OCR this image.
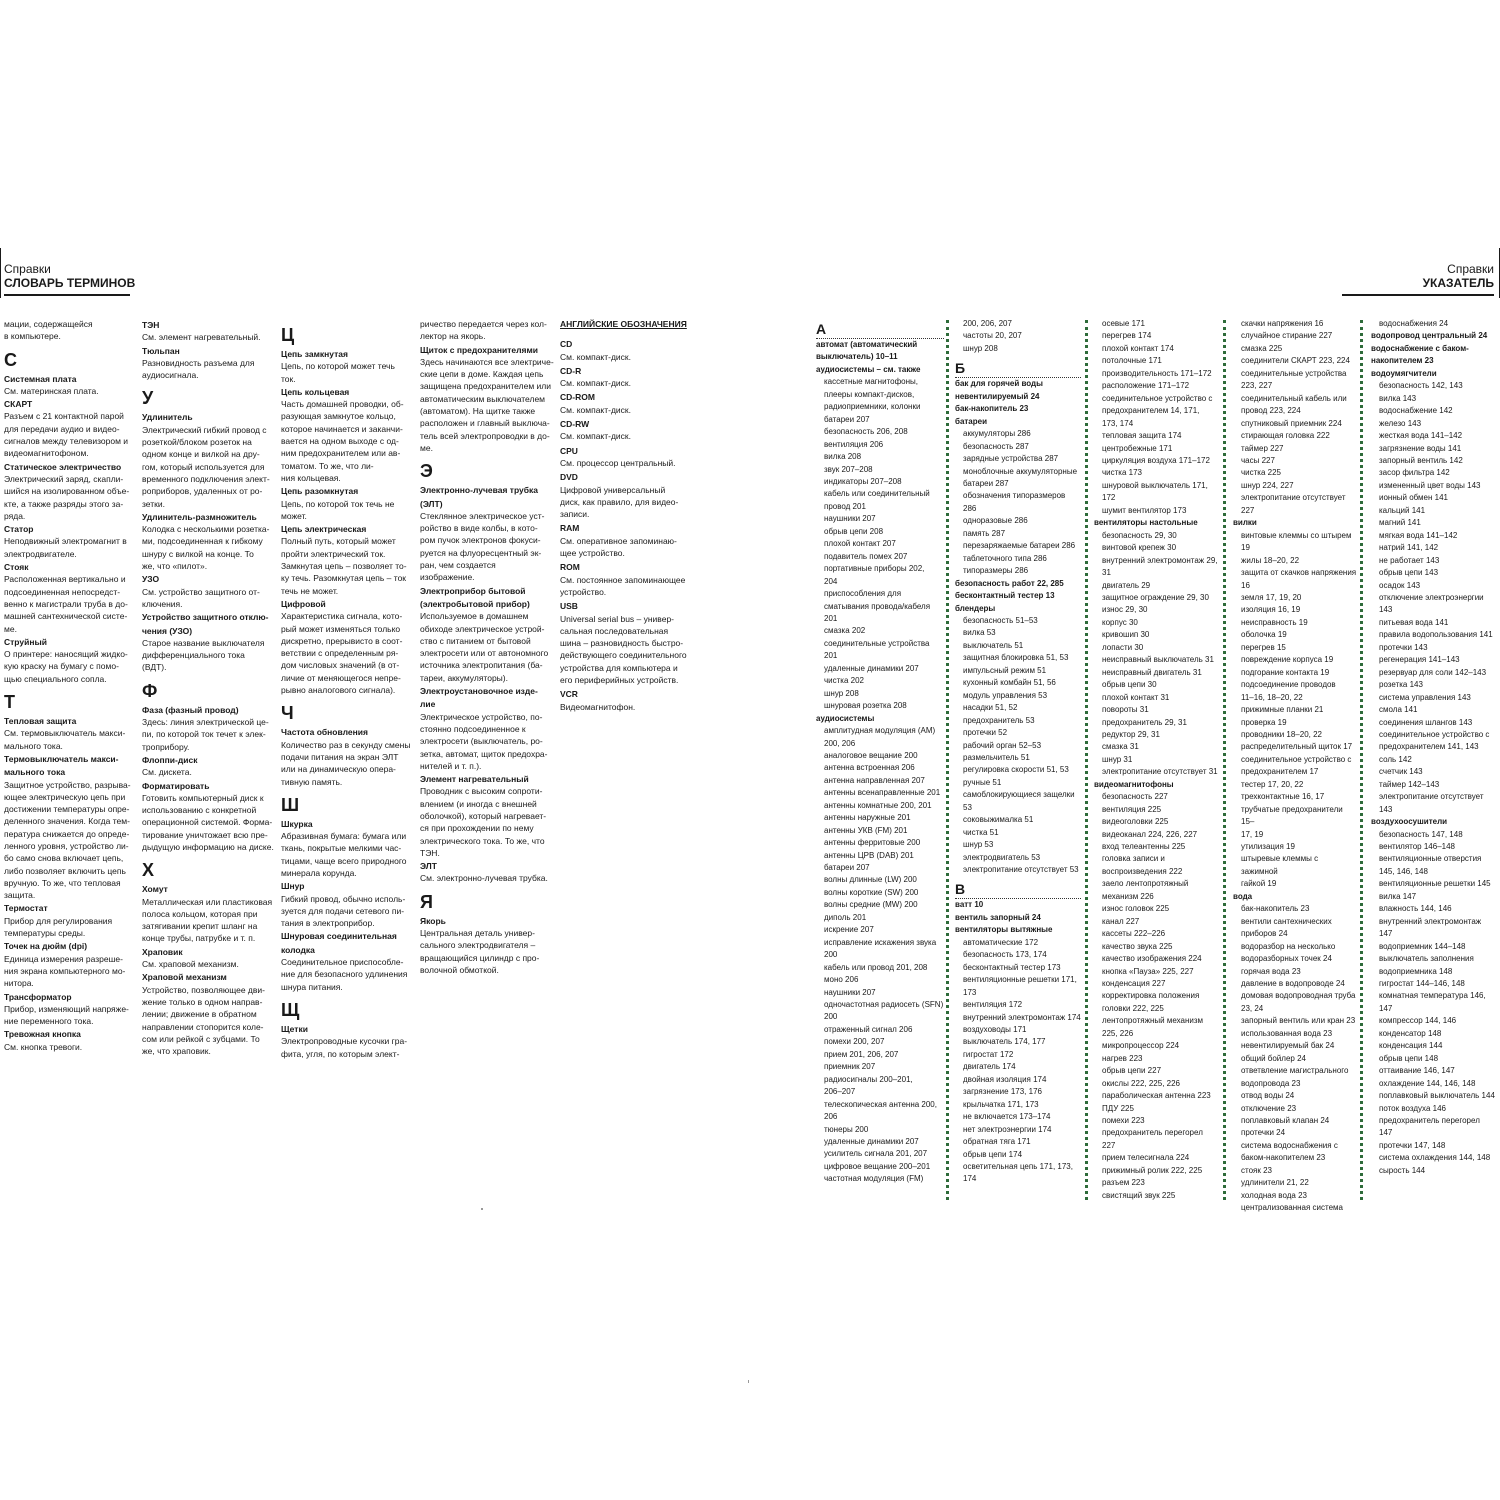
Справки
СЛОВАРЬ ТЕРМИНОВ
Справки
УКАЗАТЕЛЬ
мации, содержащейся
в компьютере.
С
Системная плата
См. материнская плата.
СКАРТ
Разъем с 21 контактной парой
для передачи аудио и видео-
сигналов между телевизором и
видеомагнитофоном.
Статическое электричество
Электрический заряд, скапли-
шийся на изолированном объе-
кте, а также разряды этого за-
ряда.
Статор
Неподвижный электромагнит в
электродвигателе.
Стояк
Расположенная вертикально и
подсоединенная непосредст-
венно к магистрали труба в до-
машней сантехнической систе-
ме.
Струйный
О принтере: наносящий жидко-
кую краску на бумагу с помо-
щью специального сопла.
Т
Тепловая защита
См. термовыключатель макси-
мального тока.
Термовыключатель макси-
мального тока
Защитное устройство, разрыва-
ющее электрическую цепь при
достижении температуры опре-
деленного значения. Когда тем-
пература снижается до опреде-
ленного уровня, устройство ли-
бо само снова включает цепь,
либо позволяет включить цепь
вручную. То же, что тепловая
защита.
Термостат
Прибор для регулирования
температуры среды.
Точек на дюйм (dpi)
Единица измерения разреше-
ния экрана компьютерного мо-
нитора.
Трансформатор
Прибор, изменяющий напряже-
ние переменного тока.
Тревожная кнопка
См. кнопка тревоги.
ТЭН
См. элемент нагревательный.
Тюльпан
Разновидность разъема для
аудиосигнала.
У
Удлинитель
Электрический гибкий провод с
розеткой/блоком розеток на
одном конце и вилкой на дру-
гом, который используется для
временного подключения элект-
роприборов, удаленных от ро-
зетки.
Удлинитель-размножитель
Колодка с несколькими розетка-
ми, подсоединенная к гибкому
шнуру с вилкой на конце. То
же, что «пилот».
УЗО
См. устройство защитного от-
ключения.
Устройство защитного отклю-
чения (УЗО)
Старое название выключателя
дифференциального тока
(ВДТ).
Ф
Фаза (фазный провод)
Здесь: линия электрической це-
пи, по которой ток течет к элек-
троприбору.
Флоппи-диск
См. дискета.
Форматировать
Готовить компьютерный диск к
использованию с конкретной
операционной системой. Форма-
тирование уничтожает всю пре-
дыдущую информацию на диске.
Х
Хомут
Металлическая или пластиковая
полоса кольцом, которая при
затягивании крепит шланг на
конце трубы, патрубке и т. п.
Храповик
См. храповой механизм.
Храповой механизм
Устройство, позволяющее дви-
жение только в одном направ-
лении; движение в обратном
направлении стопорится коле-
сом или рейкой с зубцами. То
же, что храповик.
Ц
Цепь замкнутая
Цепь, по которой может течь
ток.
Цепь кольцевая
Часть домашней проводки, об-
разующая замкнутое кольцо,
которое начинается и заканчи-
вается на одном выходе с од-
ним предохранителем или ав-
томатом. То же, что ли-
ния кольцевая.
Цепь разомкнутая
Цепь, по которой ток течь не
может.
Цепь электрическая
Полный путь, который может
пройти электрический ток.
Замкнутая цепь – позволяет то-
ку течь. Разомкнутая цепь – ток
течь не может.
Цифровой
Характеристика сигнала, кото-
рый может изменяться только
дискретно, прерывисто в соот-
ветствии с определенным ря-
дом числовых значений (в от-
личие от меняющегося непре-
рывно аналогового сигнала).
Ч
Частота обновления
Количество раз в секунду смены
подачи питания на экран ЭЛТ
или на динамическую опера-
тивную память.
Ш
Шкурка
Абразивная бумага: бумага или
ткань, покрытые мелкими час-
тицами, чаще всего природного
минерала корунда.
Шнур
Гибкий провод, обычно исполь-
зуется для подачи сетевого пи-
тания в электроприбор.
Шнуровая соединительная
колодка
Соединительное приспособле-
ние для безопасного удлинения
шнура питания.
Щ
Щетки
Электропроводные кусочки гра-
фита, угля, по которым элект-
ричество передается через кол-
лектор на якорь.
Щиток с предохранителями
Здесь начинаются все электриче-
ские цепи в доме. Каждая цепь
защищена предохранителем или
автоматическим выключателем
(автоматом). На щитке также
расположен и главный выключа-
тель всей электропроводки в до-
ме.
Э
Электронно-лучевая трубка
(ЭЛТ)
Стеклянное электрическое уст-
ройство в виде колбы, в кото-
ром пучок электронов фокуси-
руется на флуоресцентный эк-
ран, чем создается
изображение.
Электроприбор бытовой
(электробытовой прибор)
Используемое в домашнем
обиходе электрическое устрой-
ство с питанием от бытовой
электросети или от автономного
источника электропитания (ба-
тареи, аккумуляторы).
Электроустановочное изде-
лие
Электрическое устройство, по-
стоянно подсоединенное к
электросети (выключатель, ро-
зетка, автомат, щиток предохра-
нителей и т. п.).
Элемент нагревательный
Проводник с высоким сопроти-
влением (и иногда с внешней
оболочкой), который нагревает-
ся при прохождении по нему
электрического тока. То же, что
ТЭН.
ЭЛТ
См. электронно-лучевая трубка.
Я
Якорь
Центральная деталь универ-
сального электродвигателя –
вращающийся цилиндр с про-
волочной обмоткой.
АНГЛИЙСКИЕ ОБОЗНАЧЕНИЯ
CD
См. компакт-диск.
CD-R
См. компакт-диск.
CD-ROM
См. компакт-диск.
CD-RW
См. компакт-диск.
CPU
См. процессор центральный.
DVD
Цифровой универсальный
диск, как правило, для видео-
записи.
RAM
См. оперативное запоминаю-
щее устройство.
ROM
См. постоянное запоминающее
устройство.
USB
Universal serial bus – универ-
сальная последовательная
шина – разновидность быстро-
действующего соединительного
устройства для компьютера и
его периферийных устройств.
VCR
Видеомагнитофон.
А
автомат (автоматический
выключатель) 10–11
аудиосистемы – см. также
кассетные магнитофоны,
плееры компакт-дисков,
радиоприемники, колонки
батареи 207
безопасность 206, 208
вентиляция 206
вилка 208
звук 207–208
индикаторы 207–208
кабель или соединительный
провод 201
наушники 207
обрыв цепи 208
плохой контакт 207
подавитель помех 207
портативные приборы 202,
204
приспособления для
сматывания провода/кабеля
201
смазка 202
соединительные устройства
201
удаленные динамики 207
чистка 202
шнур 208
шнуровая розетка 208
аудиосистемы
амплитудная модуляция (AM)
200, 206
аналоговое вещание 200
антенна встроенная 206
антенна направленная 207
антенны всенаправленные 201
антенны комнатные 200, 201
антенны наружные 201
антенны УКВ (FM) 201
антенны ферритовые 200
антенны ЦРВ (DAB) 201
батареи 207
волны длинные (LW) 200
волны короткие (SW) 200
волны средние (MW) 200
диполь 201
искрение 207
исправление искажения звука
200
кабель или провод 201, 208
моно 206
наушники 207
одночастотная радиосеть (SFN)
200
отраженный сигнал 206
помехи 200, 207
прием 201, 206, 207
приемник 207
радиосигналы 200–201,
206–207
телескопическая антенна 200,
206
тюнеры 200
удаленные динамики 207
усилитель сигнала 201, 207
цифровое вещание 200–201
частотная модуляция (FM)
200, 206, 207
частоты 20, 207
шнур 208
Б
бак для горячей воды
невентилируемый 24
бак-накопитель 23
батареи
аккумуляторы 286
безопасность 287
зарядные устройства 287
моноблочные аккумуляторные
батареи 287
обозначения типоразмеров
286
одноразовые 286
память 287
перезаряжаемые батареи 286
таблеточного типа 286
типоразмеры 286
безопасность работ 22, 285
бесконтактный тестер 13
блендеры
безопасность 51–53
вилка 53
выключатель 51
защитная блокировка 51, 53
импульсный режим 51
кухонный комбайн 51, 56
модуль управления 53
насадки 51, 52
предохранитель 53
протечки 52
рабочий орган 52–53
размельчитель 51
регулировка скорости 51, 53
ручные 51
самоблокирующиеся защелки
53
соковыжималка 51
чистка 51
шнур 53
электродвигатель 53
электропитание отсутствует 53
В
ватт 10
вентиль запорный 24
вентиляторы вытяжные
автоматические 172
безопасность 173, 174
бесконтактный тестер 173
вентиляционные решетки 171,
173
вентиляция 172
внутренний электромонтаж 174
воздуховоды 171
выключатель 174, 177
гигростат 172
двигатель 174
двойная изоляция 174
загрязнение 173, 176
крыльчатка 171, 173
не включается 173–174
нет электроэнергии 174
обратная тяга 171
обрыв цепи 174
осветительная цепь 171, 173,
174
осевые 171
перегрев 174
плохой контакт 174
потолочные 171
производительность 171–172
расположение 171–172
соединительное устройство с
предохранителем 14, 171,
173, 174
тепловая защита 174
центробежные 171
циркуляция воздуха 171–172
чистка 173
шнуровой выключатель 171,
172
шумит вентилятор 173
вентиляторы настольные
безопасность 29, 30
винтовой крепеж 30
внутренний электромонтаж 29,
31
двигатель 29
защитное ограждение 29, 30
износ 29, 30
корпус 30
кривошип 30
лопасти 30
неисправный выключатель 31
неисправный двигатель 31
обрыв цепи 30
плохой контакт 31
повороты 31
предохранитель 29, 31
редуктор 29, 31
смазка 31
шнур 31
электропитание отсутствует 31
видеомагнитофоны
безопасность 227
вентиляция 225
видеоголовки 225
видеоканал 224, 226, 227
вход телеантенны 225
головка записи и
воспроизведения 222
заело лентопротяжный
механизм 226
износ головок 225
канал 227
кассеты 222–226
качество звука 225
качество изображения 224
кнопка «Пауза» 225, 227
конденсация 227
корректировка положения
головки 222, 225
лентопротяжный механизм
225, 226
микропроцессор 224
нагрев 223
обрыв цепи 227
окислы 222, 225, 226
параболическая антенна 223
ПДУ 225
помехи 223
предохранитель перегорел
227
прием телесигнала 224
прижимный ролик 222, 225
разъем 223
свистящий звук 225
скачки напряжения 16
случайное стирание 227
смазка 225
соединители СКАРТ 223, 224
соединительные устройства
223, 227
соединительный кабель или
провод 223, 224
спутниковый приемник 224
стирающая головка 222
таймер 227
часы 227
чистка 225
шнур 224, 227
электропитание отсутствует
227
вилки
винтовые клеммы со штырем
19
жилы 18–20, 22
защита от скачков напряжения
16
земля 17, 19, 20
изоляция 16, 19
неисправность 19
оболочка 19
перегрев 15
повреждение корпуса 19
подгорание контакта 19
подсоединение проводов
11–16, 18–20, 22
прижимные планки 21
проверка 19
проводники 18–20, 22
распределительный щиток 17
соединительное устройство с
предохранителем 17
тестер 17, 20, 22
трехконтактные 16, 17
трубчатые предохранители 15–
17, 19
утилизация 19
штыревые клеммы с зажимной
гайкой 19
вода
бак-накопитель 23
вентили сантехнических
приборов 24
водоразбор на несколько
водоразборных точек 24
горячая вода 23
давление в водопроводе 24
домовая водопроводная труба
23, 24
запорный вентиль или кран 23
использованная вода 23
невентилируемый бак 24
общий бойлер 24
ответвление магистрального
водопровода 23
отвод воды 24
отключение 23
поплавковый клапан 24
протечки 24
система водоснабжения с
баком-накопителем 23
стояк 23
удлинители 21, 22
холодная вода 23
централизованная система
водоснабжения 24
водопровод центральный 24
водоснабжение с баком-
накопителем 23
водоумягчители
безопасность 142, 143
вилка 143
водоснабжение 142
железо 143
жесткая вода 141–142
загрязнение воды 141
запорный вентиль 142
засор фильтра 142
измененный цвет воды 143
ионный обмен 141
кальций 141
магний 141
мягкая вода 141–142
натрий 141, 142
не работает 143
обрыв цепи 143
осадок 143
отключение электроэнергии
143
питьевая вода 141
правила водопользования 141
протечки 143
регенерация 141–143
резервуар для соли 142–143
розетка 143
система управления 143
смола 141
соединения шлангов 143
соединительное устройство с
предохранителем 141, 143
соль 142
счетчик 143
таймер 142–143
электропитание отсутствует
143
воздухоосушители
безопасность 147, 148
вентилятор 146–148
вентиляционные отверстия
145, 146, 148
вентиляционные решетки 145
вилка 147
влажность 144, 146
внутренний электромонтаж
147
водоприемник 144–148
выключатель заполнения
водоприемника 148
гигростат 144–146, 148
комнатная температура 146,
147
компрессор 144, 146
конденсатор 148
конденсация 144
обрыв цепи 148
оттаивание 146, 147
охлаждение 144, 146, 148
поплавковый выключатель 144
поток воздуха 146
предохранитель перегорел
147
протечки 147, 148
система охлаждения 144, 148
сырость 144
